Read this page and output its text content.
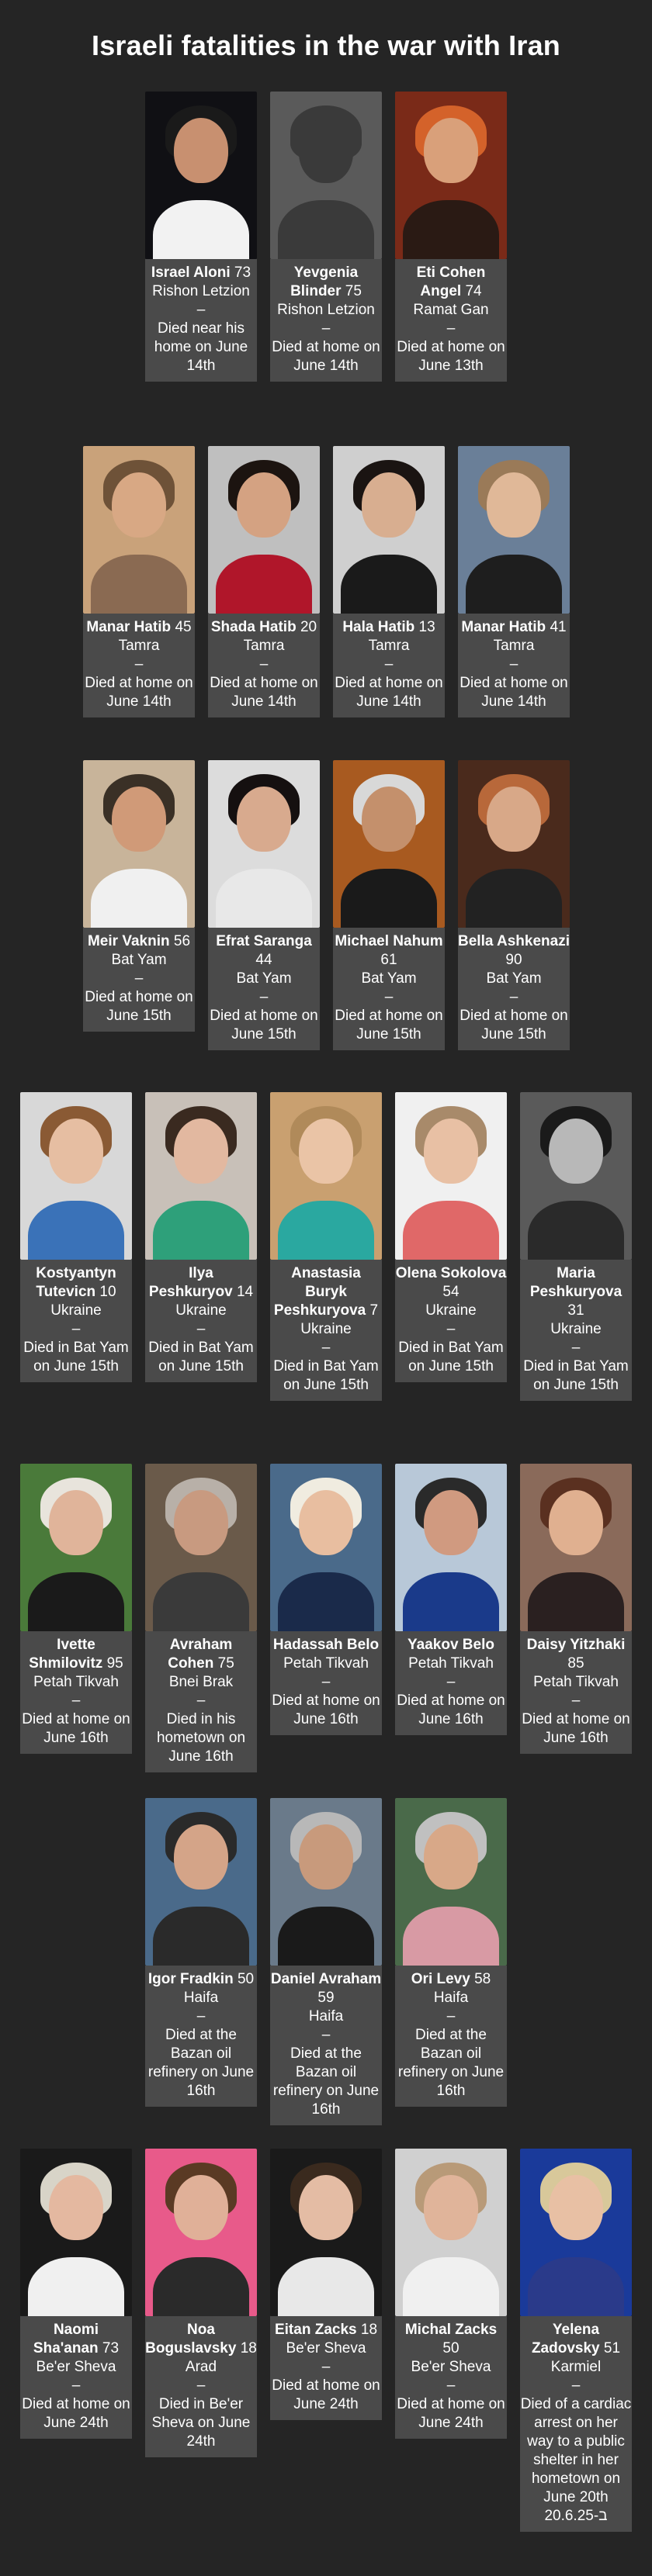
Israeli fatalities in the war with Iran
Israel Aloni 73
Rishon Letzion
–
Died near his home on June 14th
Yevgenia Blinder 75
Rishon Letzion
–
Died at home on June 14th
Eti Cohen Angel 74
Ramat Gan
–
Died at home on June 13th
Manar Hatib 45
Tamra
–
Died at home on June 14th
Shada Hatib 20
Tamra
–
Died at home on June 14th
Hala Hatib 13
Tamra
–
Died at home on June 14th
Manar Hatib 41
Tamra
–
Died at home on June 14th
Meir Vaknin 56
Bat Yam
–
Died at home on June 15th
Efrat Saranga 44
Bat Yam
–
Died at home on June 15th
Michael Nahum 61
Bat Yam
–
Died at home on June 15th
Bella Ashkenazi 90
Bat Yam
–
Died at home on June 15th
Kostyantyn Tutevicn 10
Ukraine
–
Died in Bat Yam on June 15th
Ilya Peshkuryov 14
Ukraine
–
Died in Bat Yam on June 15th
Anastasia Buryk Peshkuryova 7
Ukraine
–
Died in Bat Yam on June 15th
Olena Sokolova 54
Ukraine
–
Died in Bat Yam on June 15th
Maria Peshkuryova 31
Ukraine
–
Died in Bat Yam on June 15th
Ivette Shmilovitz 95
Petah Tikvah
–
Died at home on June 16th
Avraham Cohen 75
Bnei Brak
–
Died in his hometown on June 16th
Hadassah Belo
Petah Tikvah
–
Died at home on June 16th
Yaakov Belo
Petah Tikvah
–
Died at home on June 16th
Daisy Yitzhaki 85
Petah Tikvah
–
Died at home on June 16th
Igor Fradkin 50
Haifa
–
Died at the Bazan oil refinery on June 16th
Daniel Avraham 59
Haifa
–
Died at the Bazan oil refinery on June 16th
Ori Levy 58
Haifa
–
Died at the Bazan oil refinery on June 16th
Naomi Sha'anan 73
Be'er Sheva
–
Died at home on June 24th
Noa Boguslavsky 18
Arad
–
Died in Be'er Sheva on June 24th
Eitan Zacks 18
Be'er Sheva
–
Died at home on June 24th
Michal Zacks 50
Be'er Sheva
–
Died at home on June 24th
Yelena Zadovsky 51
Karmiel
–
Died of a cardiac arrest on her way to a public shelter in her hometown on June 20th 20.6.25-ב
